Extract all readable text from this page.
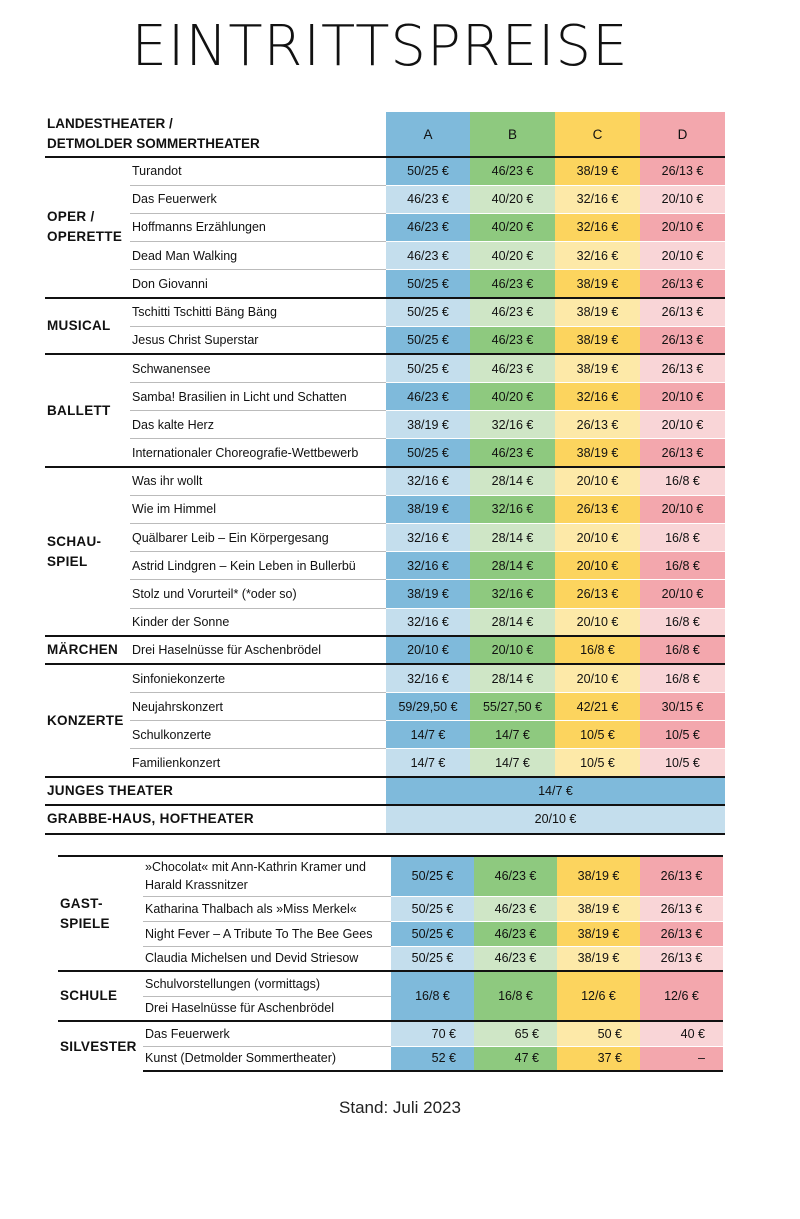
EINTRITTSPREISE
LANDESTHEATER /
DETMOLDER SOMMERTHEATER		A	B	C	D

OPER /
OPERETTE	Turandot	50/25 €	46/23 €	38/19 €	26/13 €
	Das Feuerwerk	46/23 €	40/20 €	32/16 €	20/10 €
	Hoffmanns Erzählungen	46/23 €	40/20 €	32/16 €	20/10 €
	Dead Man Walking	46/23 €	40/20 €	32/16 €	20/10 €
	Don Giovanni	50/25 €	46/23 €	38/19 €	26/13 €

MUSICAL	Tschitti Tschitti Bäng Bäng	50/25 €	46/23 €	38/19 €	26/13 €
	Jesus Christ Superstar	50/25 €	46/23 €	38/19 €	26/13 €

BALLETT	Schwanensee	50/25 €	46/23 €	38/19 €	26/13 €
	Samba! Brasilien in Licht und Schatten	46/23 €	40/20 €	32/16 €	20/10 €
	Das kalte Herz	38/19 €	32/16 €	26/13 €	20/10 €
	Internationaler Choreografie-Wettbewerb	50/25 €	46/23 €	38/19 €	26/13 €

SCHAU-
SPIEL	Was ihr wollt	32/16 €	28/14 €	20/10 €	16/8 €
	Wie im Himmel	38/19 €	32/16 €	26/13 €	20/10 €
	Quälbarer Leib – Ein Körpergesang	32/16 €	28/14 €	20/10 €	16/8 €
	Astrid Lindgren – Kein Leben in Bullerbü	32/16 €	28/14 €	20/10 €	16/8 €
	Stolz und Vorurteil* (*oder so)	38/19 €	32/16 €	26/13 €	20/10 €
	Kinder der Sonne	32/16 €	28/14 €	20/10 €	16/8 €

MÄRCHEN	Drei Haselnüsse für Aschenbrödel	20/10 €	20/10 €	16/8 €	16/8 €

KONZERTE	Sinfoniekonzerte	32/16 €	28/14 €	20/10 €	16/8 €
	Neujahrskonzert	59/29,50 €	55/27,50 €	42/21 €	30/15 €
	Schulkonzerte	14/7 €	14/7 €	10/5 €	10/5 €
	Familienkonzert	14/7 €	14/7 €	10/5 €	10/5 €
JUNGES THEATER		14/7 €			
GRABBE-HAUS, HOFTHEATER		20/10 €			
GAST-
SPIELE	»Chocolat« mit Ann-Kathrin Kramer und Harald Krassnitzer	50/25 €	46/23 €	38/19 €	26/13 €
	Katharina Thalbach als »Miss Merkel«	50/25 €	46/23 €	38/19 €	26/13 €
	Night Fever – A Tribute To The Bee Gees	50/25 €	46/23 €	38/19 €	26/13 €
	Claudia Michelsen und Devid Striesow	50/25 €	46/23 €	38/19 €	26/13 €

SCHULE	Schulvorstellungen (vormittags)	16/8 €	16/8 €	12/6 €	12/6 €
	Drei Haselnüsse für Aschenbrödel				

SILVESTER	Das Feuerwerk	70 €	65 €	50 €	40 €
	Kunst (Detmolder Sommertheater)	52 €	47 €	37 €	–
Stand: Juli 2023
